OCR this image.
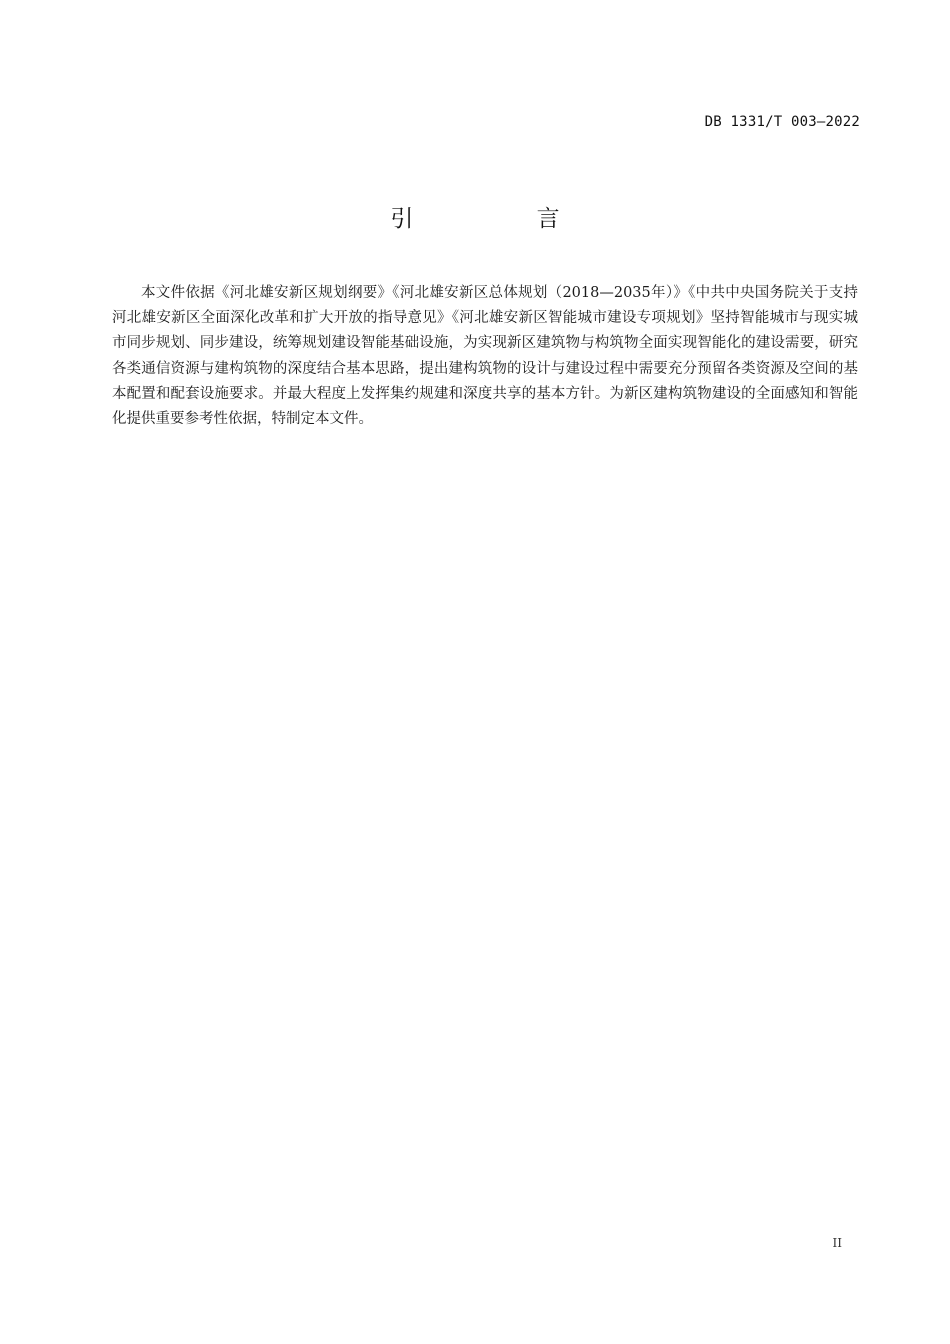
DB 1331/T 003—2022
引 言

本文件依据《河北雄安新区规划纲要》《河北雄安新区总体规划（2018—2035年）》《中共中央国务院关于支持河北雄安新区全面深化改革和扩大开放的指导意见》《河北雄安新区智能城市建设专项规划》坚持智能城市与现实城市同步规划、同步建设，统筹规划建设智能基础设施，为实现新区建筑物与构筑物全面实现智能化的建设需要，研究各类通信资源与建构筑物的深度结合基本思路，提出建构筑物的设计与建设过程中需要充分预留各类资源及空间的基本配置和配套设施要求。并最大程度上发挥集约规建和深度共享的基本方针。为新区建构筑物建设的全面感知和智能化提供重要参考性依据，特制定本文件。

II
